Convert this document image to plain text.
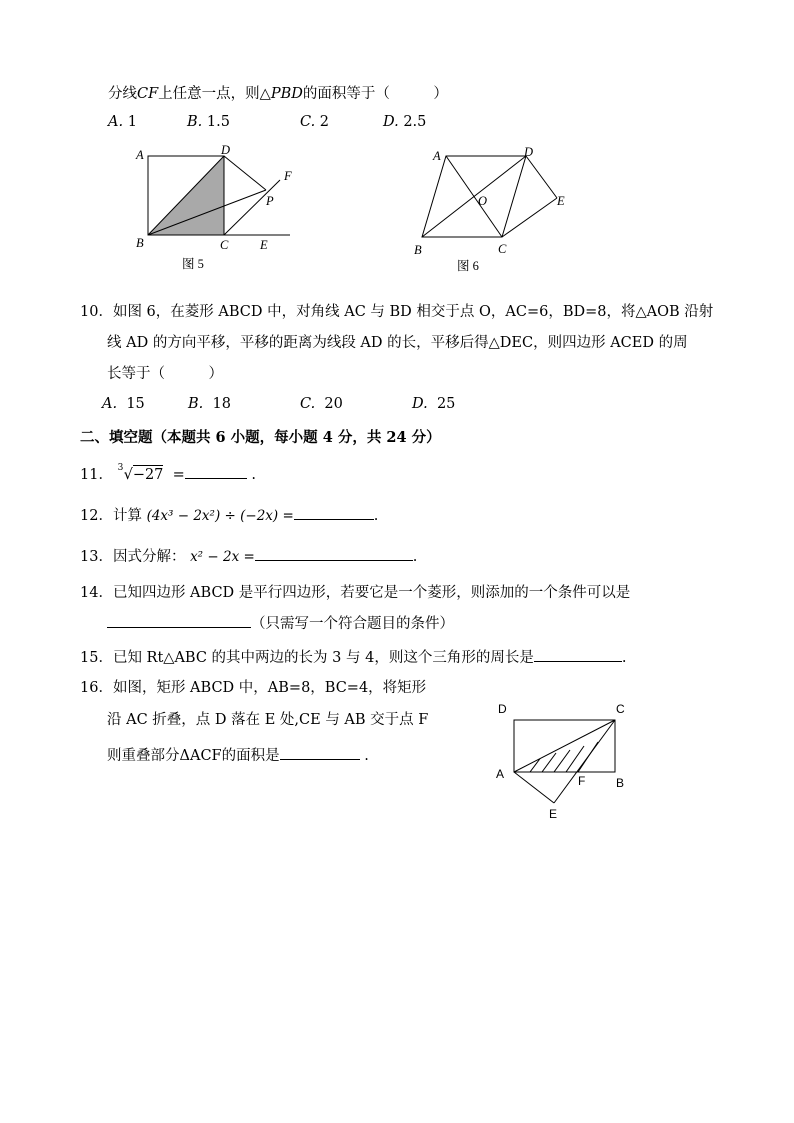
分线CF上任意一点，则△PBD的面积等于（　　　）
A. 1	B. 1.5	C. 2	D. 2.5
A	D
F
P
B	C	E
图 5
A	D
O	E
B	C
图 6
10．如图 6，在菱形 ABCD 中，对角线 AC 与 BD 相交于点 O，AC=6，BD=8，将△AOB 沿射
线 AD 的方向平移，平移的距离为线段 AD 的长，平移后得△DEC，则四边形 ACED 的周
长等于（　　　）
A. 15	B. 18	C. 20	D. 25
二、填空题（本题共 6 小题，每小题 4 分，共 24 分）
11． 3 √−27 =	.
12．计算 (4x³ − 2x²) ÷ (−2x) =	.
13．因式分解： x² − 2x =	.
14．已知四边形 ABCD 是平行四边形，若要它是一个菱形，则添加的一个条件可以是
（只需写一个符合题目的条件）
15．已知 Rt△ABC 的其中两边的长为 3 与 4，则这个三角形的周长是	.
16．如图，矩形 ABCD 中，AB=8，BC=4，将矩形
沿 AC 折叠，点 D 落在 E 处,CE 与 AB 交于点 F
则重叠部分ΔACF的面积是	.
D	C
A	F	B
E
